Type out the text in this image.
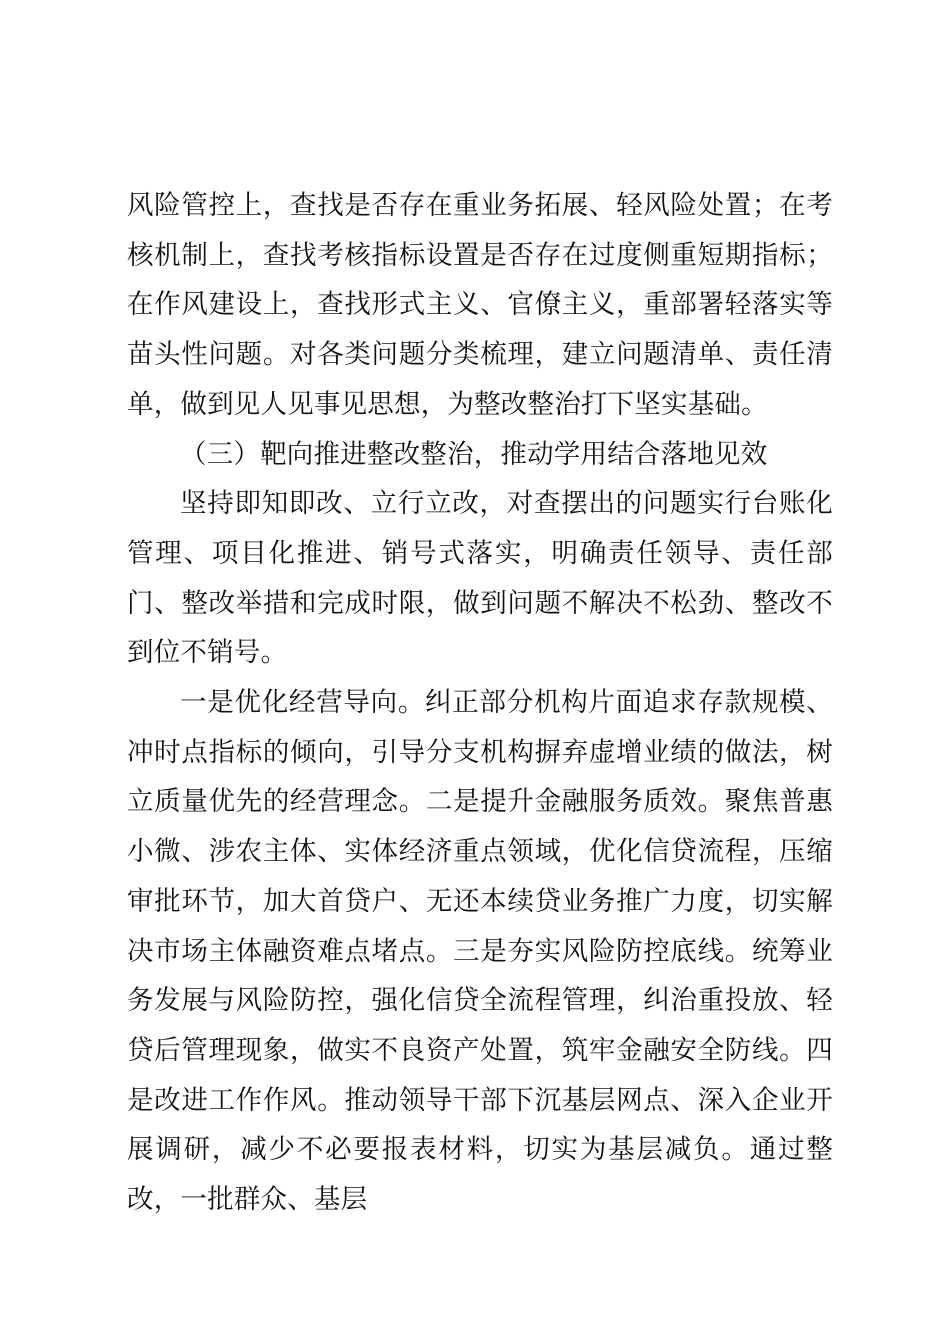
风险管控上，查找是否存在重业务拓展、轻风险处置；在考核机制上，查找考核指标设置是否存在过度侧重短期指标；在作风建设上，查找形式主义、官僚主义，重部署轻落实等苗头性问题。对各类问题分类梳理，建立问题清单、责任清单，做到见人见事见思想，为整改整治打下坚实基础。

（三）靶向推进整改整治，推动学用结合落地见效

坚持即知即改、立行立改，对查摆出的问题实行台账化管理、项目化推进、销号式落实，明确责任领导、责任部门、整改举措和完成时限，做到问题不解决不松劲、整改不到位不销号。

一是优化经营导向。纠正部分机构片面追求存款规模、冲时点指标的倾向，引导分支机构摒弃虚增业绩的做法，树立质量优先的经营理念。二是提升金融服务质效。聚焦普惠小微、涉农主体、实体经济重点领域，优化信贷流程，压缩审批环节，加大首贷户、无还本续贷业务推广力度，切实解决市场主体融资难点堵点。三是夯实风险防控底线。统筹业务发展与风险防控，强化信贷全流程管理，纠治重投放、轻贷后管理现象，做实不良资产处置，筑牢金融安全防线。四是改进工作作风。推动领导干部下沉基层网点、深入企业开展调研，减少不必要报表材料，切实为基层减负。通过整改，一批群众、基层
